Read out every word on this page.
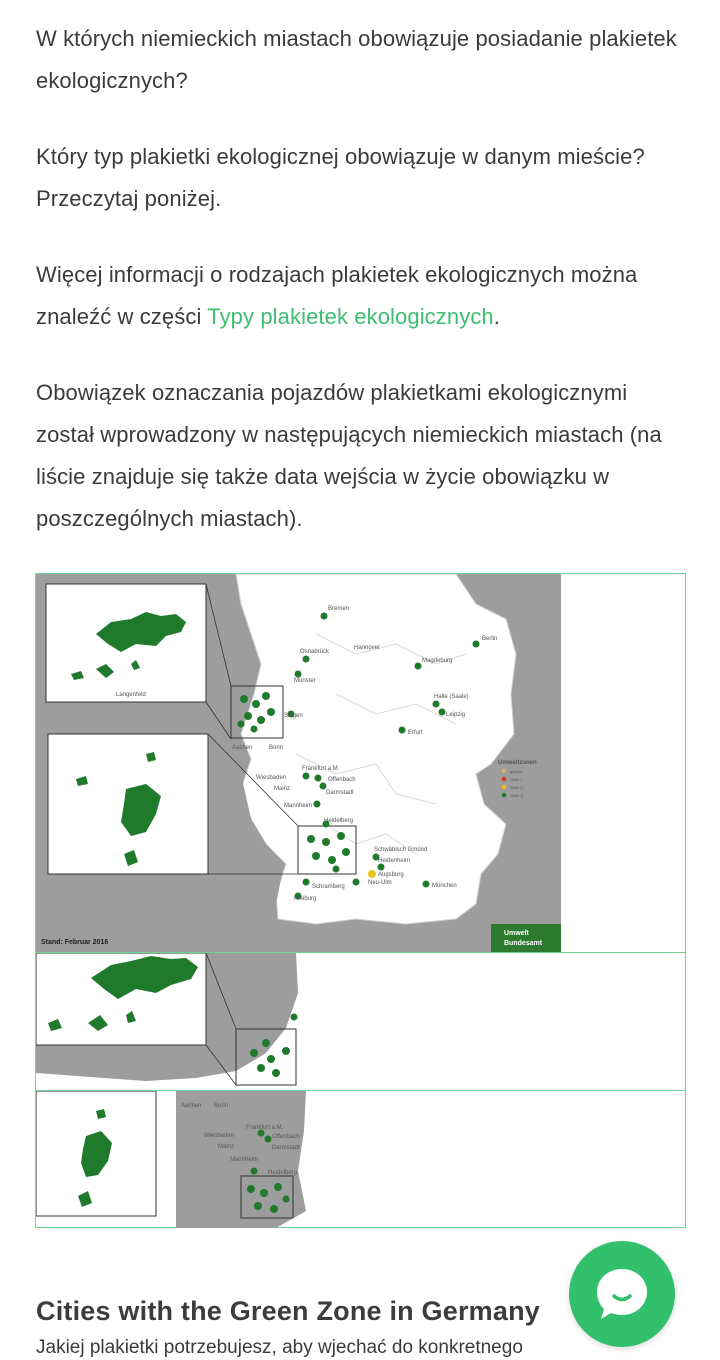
W których niemieckich miastach obowiązuje posiadanie plakietek ekologicznych?

Który typ plakietki ekologicznej obowiązuje w danym mieście? Przeczytaj poniżej.

Więcej informacji o rodzajach plakietek ekologicznych można znaleźć w części Typy plakietek ekologicznych.

Obowiązek oznaczania pojazdów plakietkami ekologicznymi został wprowadzony w następujących niemieckich miastach (na liście znajduje się także data wejścia w życie obowiązku w poszczególnych miastach).

Bremen
Hannover
Osnabrück
Münster
Berlin
Magdeburg
Halle (Saale)
Leipzig
Erfurt
Siegen
Aachen	Bonn
Frankfurt a.M.
Wiesbaden	Offenbach
Mainz
Darmstadt
Mannheim
Heidelberg
Schwäbisch Gmünd
Heidenheim
Augsburg
Neu-Ulm	München
Schramberg
Freiburg
Langenfeld
Umweltzonen
geplant
Stufe 1
Stufe 2
Stufe 3
Stand: Februar 2016
Umwelt
Bundesamt
Aachen Bonn
Frankfurt a.M.
Wiesbaden	Offenbach
Mainz	Darmstadt
Mannheim
Heidelberg
Cities with the Green Zone in Germany
Jakiej plakietki potrzebujesz, aby wjechać do konkretnego
